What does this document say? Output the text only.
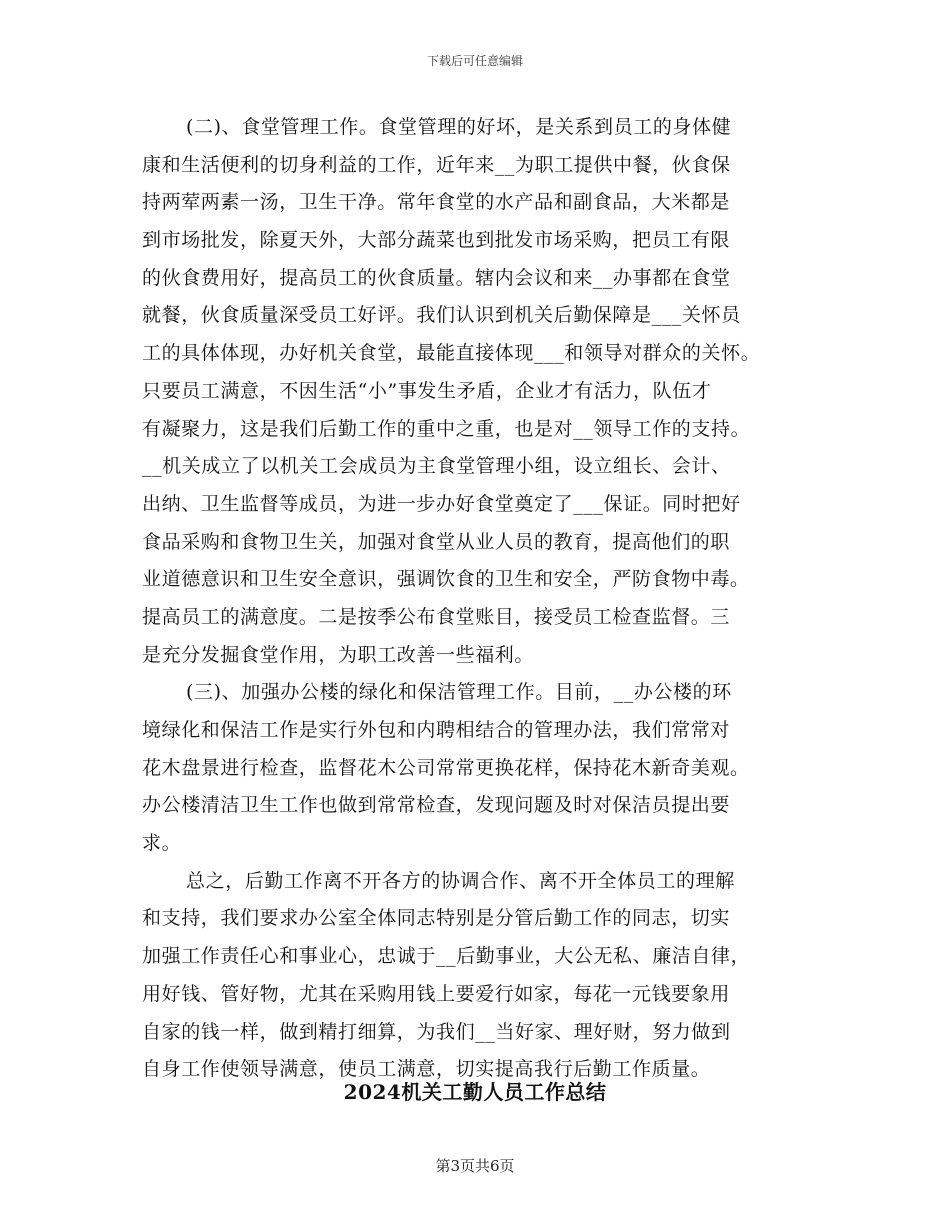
下载后可任意编辑
(二)、食堂管理工作。食堂管理的好坏，是关系到员工的身体健
康和生活便利的切身利益的工作，近年来__为职工提供中餐，伙食保
持两荤两素一汤，卫生干净。常年食堂的水产品和副食品，大米都是
到市场批发，除夏天外，大部分蔬菜也到批发市场采购，把员工有限
的伙食费用好，提高员工的伙食质量。辖内会议和来__办事都在食堂
就餐，伙食质量深受员工好评。我们认识到机关后勤保障是___关怀员
工的具体体现，办好机关食堂，最能直接体现___和领导对群众的关怀。
只要员工满意，不因生活“小”事发生矛盾，企业才有活力，队伍才
有凝聚力，这是我们后勤工作的重中之重，也是对__领导工作的支持。
__机关成立了以机关工会成员为主食堂管理小组，设立组长、会计、
出纳、卫生监督等成员，为进一步办好食堂奠定了___保证。同时把好
食品采购和食物卫生关，加强对食堂从业人员的教育，提高他们的职
业道德意识和卫生安全意识，强调饮食的卫生和安全，严防食物中毒。
提高员工的满意度。二是按季公布食堂账目，接受员工检查监督。三
是充分发掘食堂作用，为职工改善一些福利。
(三)、加强办公楼的绿化和保洁管理工作。目前，__办公楼的环
境绿化和保洁工作是实行外包和内聘相结合的管理办法，我们常常对
花木盘景进行检查，监督花木公司常常更换花样，保持花木新奇美观。
办公楼清洁卫生工作也做到常常检查，发现问题及时对保洁员提出要
求。
总之，后勤工作离不开各方的协调合作、离不开全体员工的理解
和支持，我们要求办公室全体同志特别是分管后勤工作的同志，切实
加强工作责任心和事业心，忠诚于__后勤事业，大公无私、廉洁自律，
用好钱、管好物，尤其在采购用钱上要爱行如家，每花一元钱要象用
自家的钱一样，做到精打细算，为我们__当好家、理好财，努力做到
自身工作使领导满意，使员工满意，切实提高我行后勤工作质量。
2024机关工勤人员工作总结
第3页共6页
